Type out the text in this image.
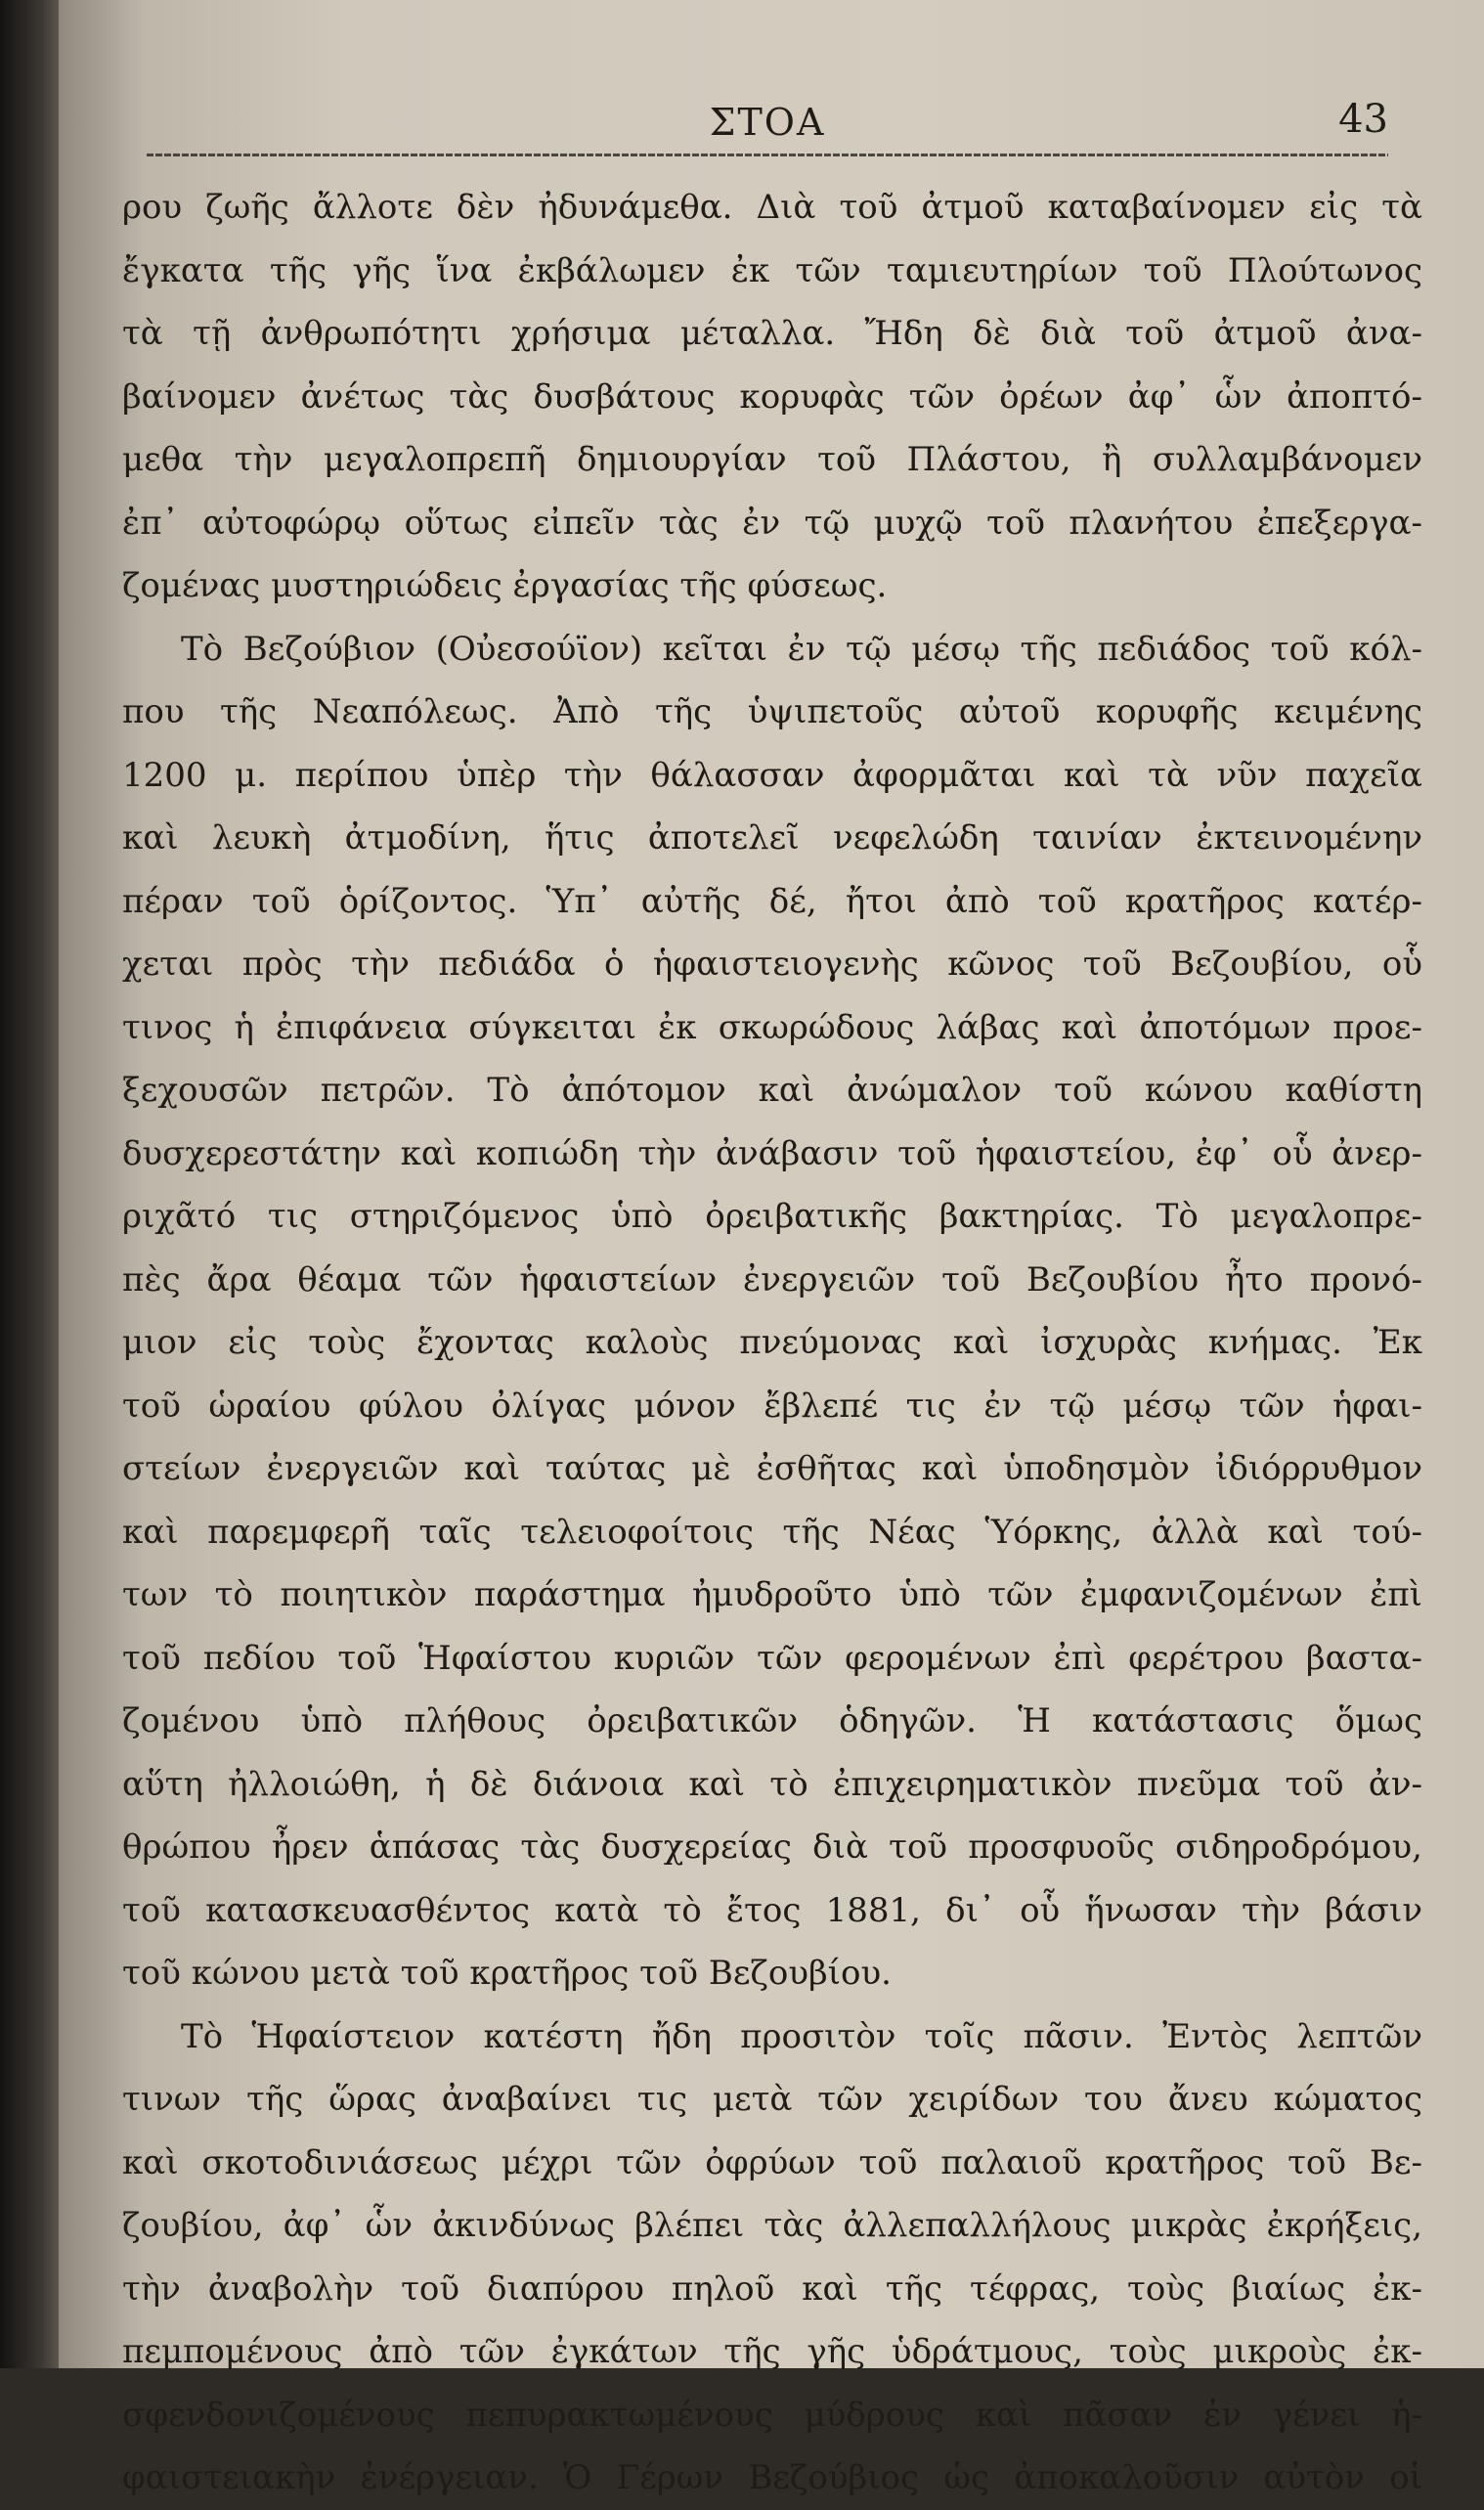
ΣΤΟΑ	43
ρου ζωῆς ἄλλοτε δὲν ἠδυνάμεθα. Διὰ τοῦ ἀτμοῦ καταβαίνομεν εἰς τὰ
ἔγκατα τῆς γῆς ἵνα ἐκβάλωμεν ἐκ τῶν ταμιευτηρίων τοῦ Πλούτωνος
τὰ τῇ ἀνθρωπότητι χρήσιμα μέταλλα. Ἤδη δὲ διὰ τοῦ ἀτμοῦ ἀνα-
βαίνομεν ἀνέτως τὰς δυσβάτους κορυφὰς τῶν ὀρέων ἀφ᾽ ὧν ἀποπτό-
μεθα τὴν μεγαλοπρεπῆ δημιουργίαν τοῦ Πλάστου, ἢ συλλαμβάνομεν
ἐπ᾽ αὐτοφώρῳ οὕτως εἰπεῖν τὰς ἐν τῷ μυχῷ τοῦ πλανήτου ἐπεξεργα-
ζομένας μυστηριώδεις ἐργασίας τῆς φύσεως.
Τὸ Βεζούβιον (Οὐεσούϊον) κεῖται ἐν τῷ μέσῳ τῆς πεδιάδος τοῦ κόλ-
που τῆς Νεαπόλεως. Ἀπὸ τῆς ὑψιπετοῦς αὐτοῦ κορυφῆς κειμένης
1200 μ. περίπου ὑπὲρ τὴν θάλασσαν ἀφορμᾶται καὶ τὰ νῦν παχεῖα
καὶ λευκὴ ἀτμοδίνη, ἥτις ἀποτελεῖ νεφελώδη ταινίαν ἐκτεινομένην
πέραν τοῦ ὁρίζοντος. Ὑπ᾽ αὐτῆς δέ, ἤτοι ἀπὸ τοῦ κρατῆρος κατέρ-
χεται πρὸς τὴν πεδιάδα ὁ ἡφαιστειογενὴς κῶνος τοῦ Βεζουβίου, οὗ
τινος ἡ ἐπιφάνεια σύγκειται ἐκ σκωρώδους λάβας καὶ ἀποτόμων προε-
ξεχουσῶν πετρῶν. Τὸ ἀπότομον καὶ ἀνώμαλον τοῦ κώνου καθίστη
δυσχερεστάτην καὶ κοπιώδη τὴν ἀνάβασιν τοῦ ἡφαιστείου, ἐφ᾽ οὗ ἀνερ-
ριχᾶτό τις στηριζόμενος ὑπὸ ὀρειβατικῆς βακτηρίας. Τὸ μεγαλοπρε-
πὲς ἄρα θέαμα τῶν ἡφαιστείων ἐνεργειῶν τοῦ Βεζουβίου ἦτο προνό-
μιον εἰς τοὺς ἔχοντας καλοὺς πνεύμονας καὶ ἰσχυρὰς κνήμας. Ἐκ
τοῦ ὡραίου φύλου ὀλίγας μόνον ἔβλεπέ τις ἐν τῷ μέσῳ τῶν ἡφαι-
στείων ἐνεργειῶν καὶ ταύτας μὲ ἐσθῆτας καὶ ὑποδησμὸν ἰδιόρρυθμον
καὶ παρεμφερῆ ταῖς τελειοφοίτοις τῆς Νέας Ὑόρκης, ἀλλὰ καὶ τού-
των τὸ ποιητικὸν παράστημα ἠμυδροῦτο ὑπὸ τῶν ἐμφανιζομένων ἐπὶ
τοῦ πεδίου τοῦ Ἡφαίστου κυριῶν τῶν φερομένων ἐπὶ φερέτρου βαστα-
ζομένου ὑπὸ πλήθους ὀρειβατικῶν ὁδηγῶν. Ἡ κατάστασις ὅμως
αὕτη ἠλλοιώθη, ἡ δὲ διάνοια καὶ τὸ ἐπιχειρηματικὸν πνεῦμα τοῦ ἀν-
θρώπου ἦρεν ἁπάσας τὰς δυσχερείας διὰ τοῦ προσφυοῦς σιδηροδρόμου,
τοῦ κατασκευασθέντος κατὰ τὸ ἔτος 1881, δι᾽ οὗ ἥνωσαν τὴν βάσιν
τοῦ κώνου μετὰ τοῦ κρατῆρος τοῦ Βεζουβίου.
Τὸ Ἡφαίστειον κατέστη ἤδη προσιτὸν τοῖς πᾶσιν. Ἐντὸς λεπτῶν
τινων τῆς ὥρας ἀναβαίνει τις μετὰ τῶν χειρίδων του ἄνευ κώματος
καὶ σκοτοδινιάσεως μέχρι τῶν ὀφρύων τοῦ παλαιοῦ κρατῆρος τοῦ Βε-
ζουβίου, ἀφ᾽ ὧν ἀκινδύνως βλέπει τὰς ἀλλεπαλλήλους μικρὰς ἐκρήξεις,
τὴν ἀναβολὴν τοῦ διαπύρου πηλοῦ καὶ τῆς τέφρας, τοὺς βιαίως ἐκ-
πεμπομένους ἀπὸ τῶν ἐγκάτων τῆς γῆς ὑδράτμους, τοὺς μικροὺς ἐκ-
σφενδονιζομένους πεπυρακτωμένους μύδρους καὶ πᾶσαν ἐν γένει ἡ-
φαιστειακὴν ἐνέργειαν. Ὁ Γέρων Βεζούβιος ὡς ἀποκαλοῦσιν αὐτὸν οἱ
